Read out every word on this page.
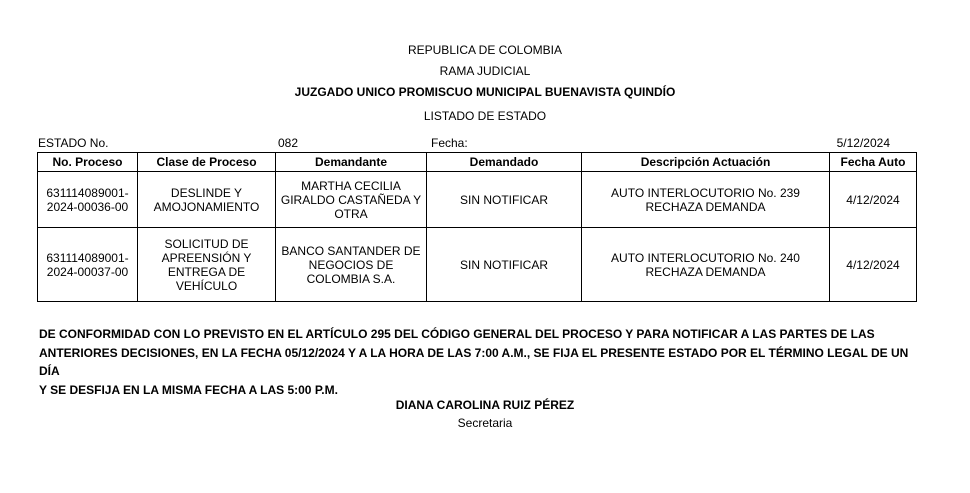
REPUBLICA DE COLOMBIA
RAMA JUDICIAL
JUZGADO UNICO PROMISCUO MUNICIPAL BUENAVISTA QUINDÍO
LISTADO DE ESTADO
ESTADO No.	082	Fecha:	5/12/2024
No. Proceso	Clase de Proceso	Demandante	Demandado	Descripción Actuación	Fecha Auto
631114089001-2024-00036-00	DESLINDE Y AMOJONAMIENTO	MARTHA CECILIA GIRALDO CASTAÑEDA Y OTRA	SIN NOTIFICAR	AUTO INTERLOCUTORIO No. 239 RECHAZA DEMANDA	4/12/2024
631114089001-2024-00037-00	SOLICITUD DE APREENSIÓN Y ENTREGA DE VEHÍCULO	BANCO SANTANDER DE NEGOCIOS DE COLOMBIA S.A.	SIN NOTIFICAR	AUTO INTERLOCUTORIO No. 240 RECHAZA DEMANDA	4/12/2024
DE CONFORMIDAD CON LO PREVISTO EN EL ARTÍCULO 295 DEL CÓDIGO GENERAL DEL PROCESO Y PARA NOTIFICAR A LAS PARTES DE LAS
ANTERIORES DECISIONES, EN LA FECHA 05/12/2024 Y A LA HORA DE LAS 7:00 A.M., SE FIJA EL PRESENTE ESTADO POR EL TÉRMINO LEGAL DE UN DÍA
Y SE DESFIJA EN LA MISMA FECHA A LAS 5:00 P.M.
DIANA CAROLINA RUIZ PÉREZ
Secretaria
